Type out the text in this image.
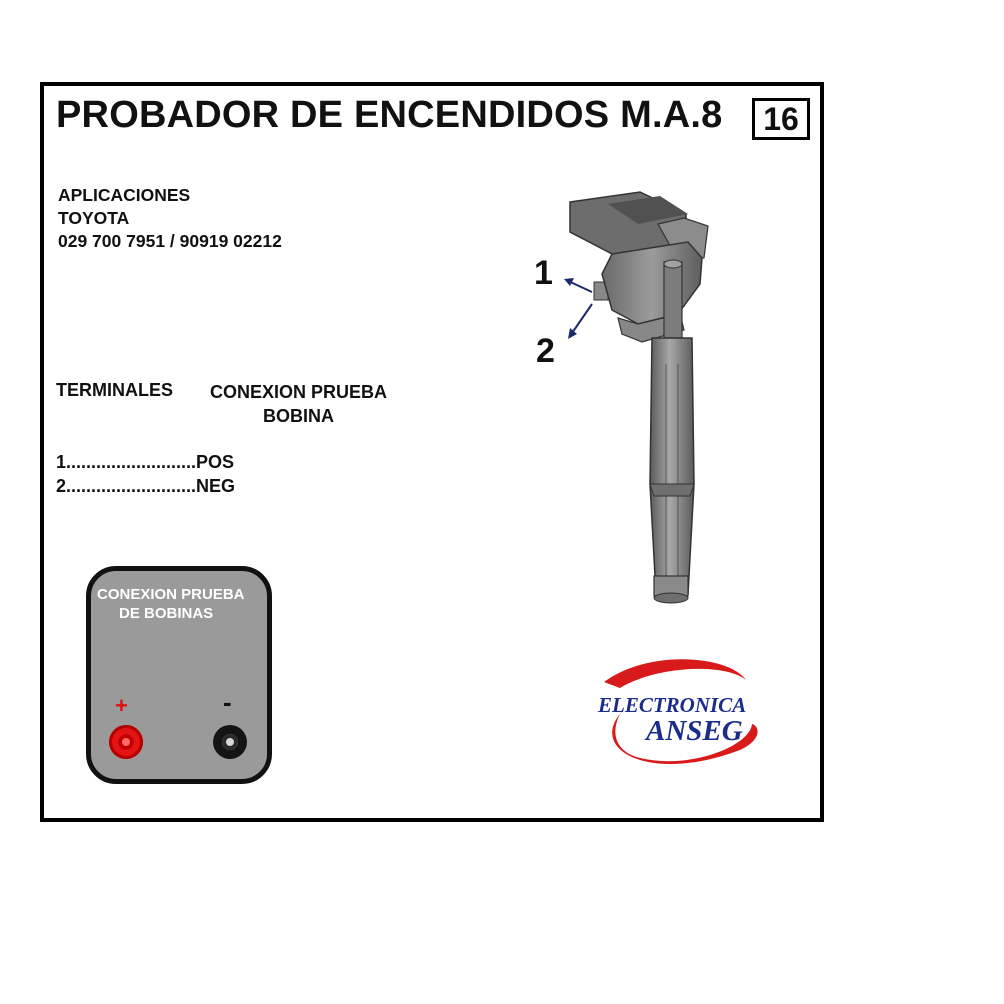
PROBADOR DE ENCENDIDOS M.A.8	16
APLICACIONES
TOYOTA
029 700 7951 / 90919 02212
TERMINALES CONEXION PRUEBA
BOBINA
1..........................POS
2..........................NEG
1
2
CONEXION PRUEBA
DE BOBINAS
+	-	ELECTRONICA
ANSEG
